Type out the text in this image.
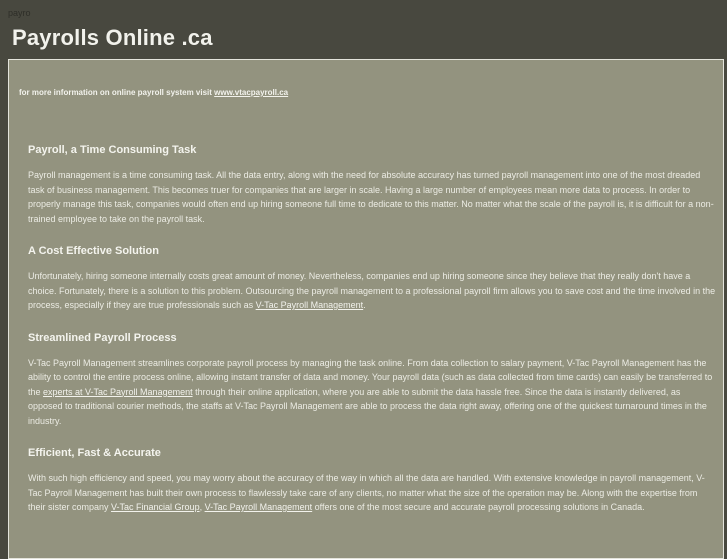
payro
Payrolls Online .ca
for more information on online payroll system visit www.vtacpayroll.ca
Payroll, a Time Consuming Task

Payroll management is a time consuming task. All the data entry, along with the need for absolute accuracy has turned payroll management into one of the most dreaded task of business management. This becomes truer for companies that are larger in scale. Having a large number of employees mean more data to process. In order to properly manage this task, companies would often end up hiring someone full time to dedicate to this matter. No matter what the scale of the payroll is, it is difficult for a non-trained employee to take on the payroll task.

A Cost Effective Solution

Unfortunately, hiring someone internally costs great amount of money. Nevertheless, companies end up hiring someone since they believe that they really don't have a choice. Fortunately, there is a solution to this problem. Outsourcing the payroll management to a professional payroll firm allows you to save cost and the time involved in the process, especially if they are true professionals such as V-Tac Payroll Management.

Streamlined Payroll Process

V-Tac Payroll Management streamlines corporate payroll process by managing the task online. From data collection to salary payment, V-Tac Payroll Management has the ability to control the entire process online, allowing instant transfer of data and money. Your payroll data (such as data collected from time cards) can easily be transferred to the experts at V-Tac Payroll Management through their online application, where you are able to submit the data hassle free. Since the data is instantly delivered, as opposed to traditional courier methods, the staffs at V-Tac Payroll Management are able to process the data right away, offering one of the quickest turnaround times in the industry.

Efficient, Fast & Accurate

With such high efficiency and speed, you may worry about the accuracy of the way in which all the data are handled. With extensive knowledge in payroll management, V-Tac Payroll Management has built their own process to flawlessly take care of any clients, no matter what the size of the operation may be. Along with the expertise from their sister company V-Tac Financial Group, V-Tac Payroll Management offers one of the most secure and accurate payroll processing solutions in Canada.
